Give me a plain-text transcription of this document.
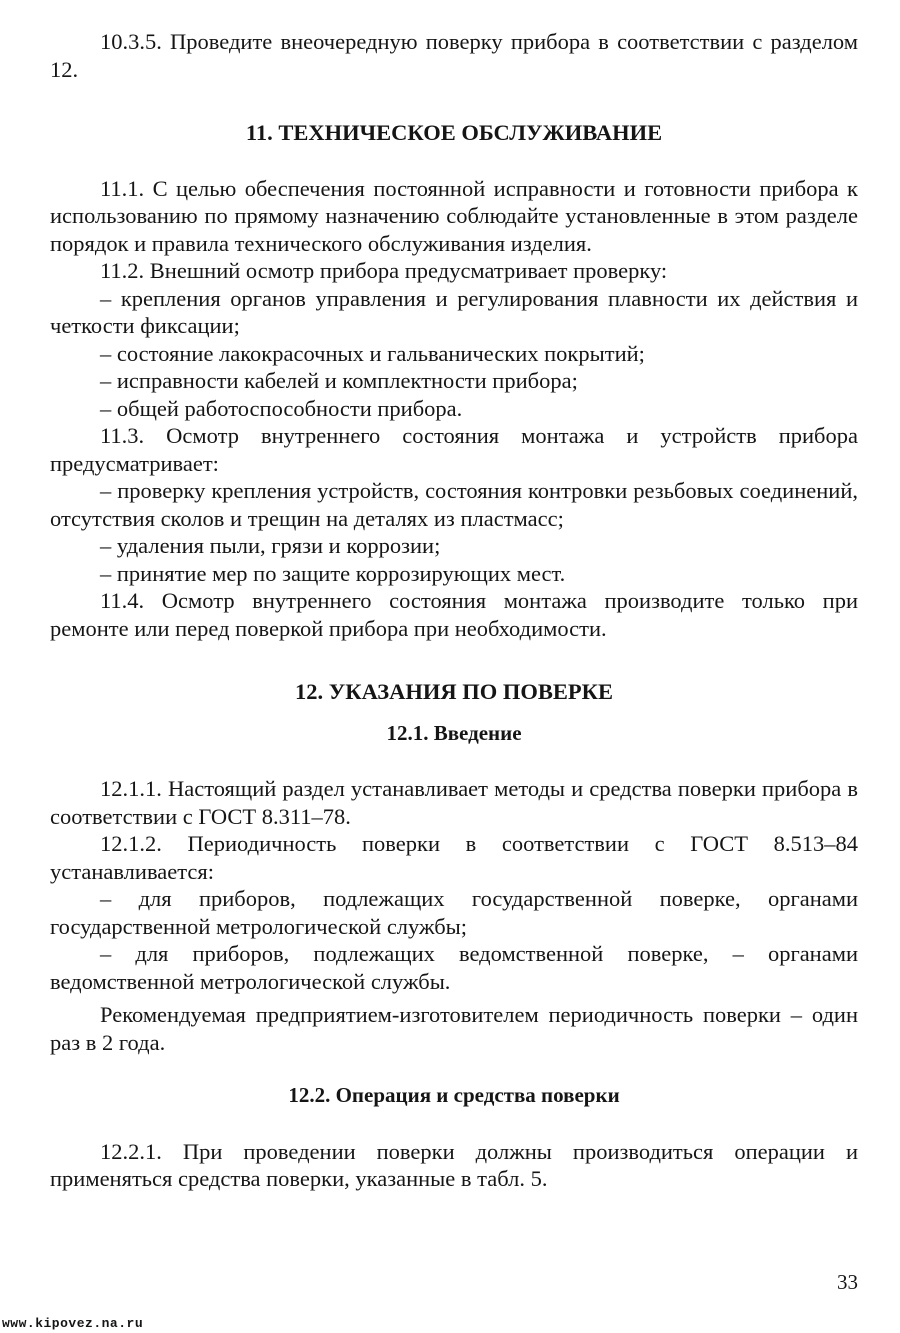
10.3.5. Проведите внеочередную поверку прибора в соответствии с разделом 12.

11. ТЕХНИЧЕСКОЕ ОБСЛУЖИВАНИЕ

11.1. С целью обеспечения постоянной исправности и готовности прибора к использованию по прямому назначению соблюдайте установленные в этом разделе порядок и правила технического обслуживания изделия.

11.2. Внешний осмотр прибора предусматривает проверку:

– крепления органов управления и регулирования плавности их действия и четкости фиксации;

– состояние лакокрасочных и гальванических покрытий;

– исправности кабелей и комплектности прибора;

– общей работоспособности прибора.

11.3. Осмотр внутреннего состояния монтажа и устройств прибора предусматривает:

– проверку крепления устройств, состояния контровки резьбовых соединений, отсутствия сколов и трещин на деталях из пластмасс;

– удаления пыли, грязи и коррозии;

– принятие мер по защите коррозирующих мест.

11.4. Осмотр внутреннего состояния монтажа производите только при ремонте или перед поверкой прибора при необходимости.

12. УКАЗАНИЯ ПО ПОВЕРКЕ
12.1. Введение

12.1.1. Настоящий раздел устанавливает методы и средства поверки прибора в соответствии с ГОСТ 8.311–78.

12.1.2. Периодичность поверки в соответствии с ГОСТ 8.513–84 устанавливается:

– для приборов, подлежащих государственной поверке, органами государственной метрологической службы;

– для приборов, подлежащих ведомственной поверке, – органами ведомственной метрологической службы.

Рекомендуемая предприятием-изготовителем периодичность поверки – один раз в 2 года.

12.2. Операция и средства поверки

12.2.1. При проведении поверки должны производиться операции и применяться средства поверки, указанные в табл. 5.

33
www.kipovez.na.ru
